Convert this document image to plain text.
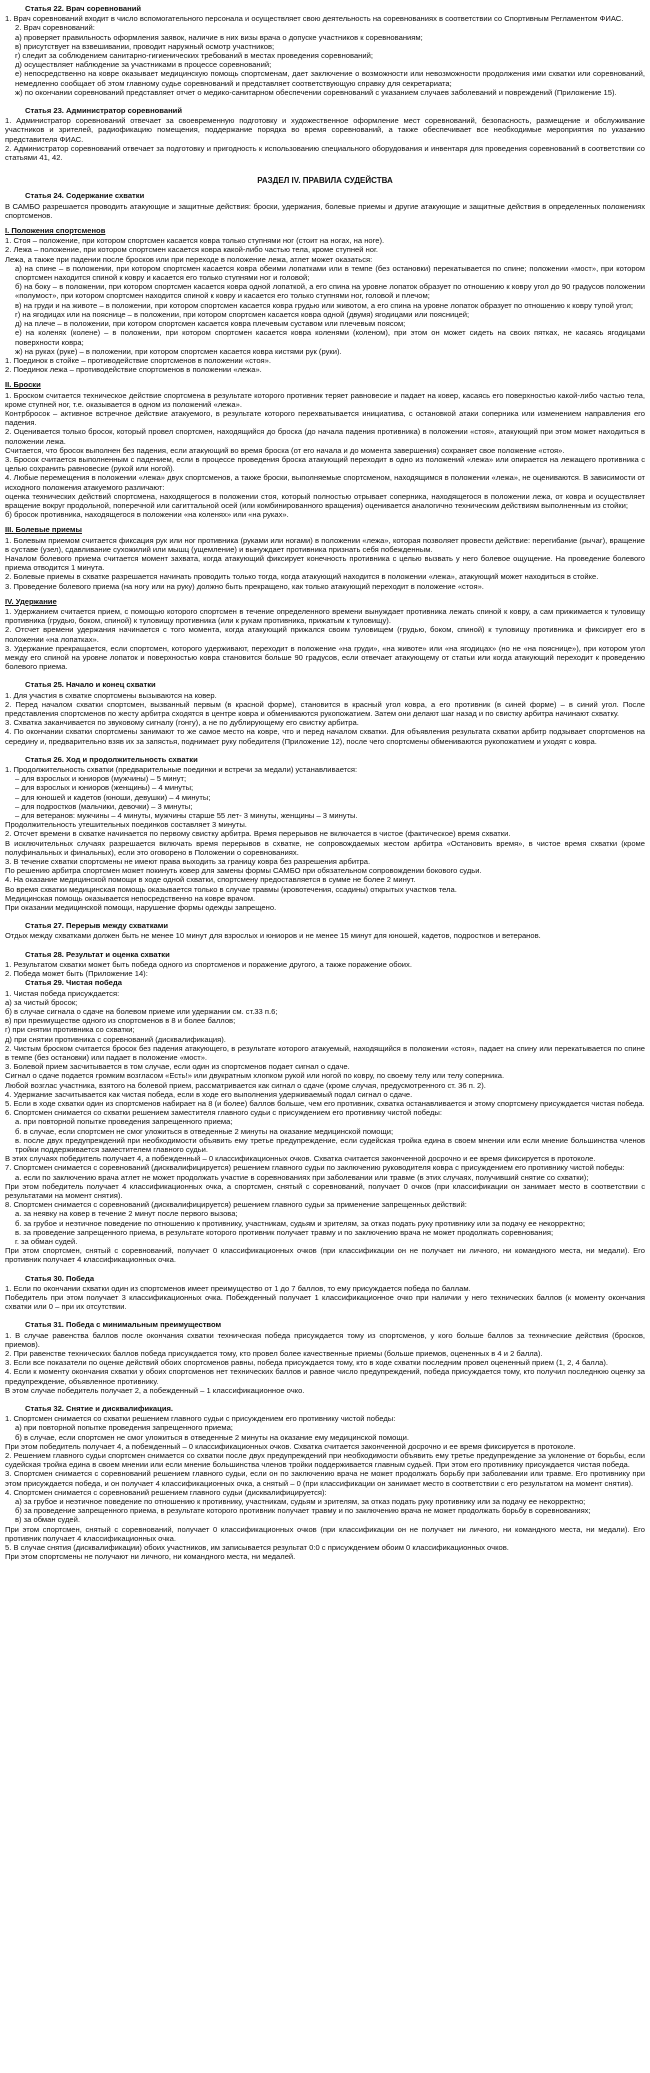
Статья 22. Врач соревнований

1. Врач соревнований входит в число вспомогательного персонала и осуществляет свою деятельность на соревнованиях в соответствии со Спортивным Регламентом ФИАС.

2. Врач соревнований:

а) проверяет правильность оформления заявок, наличие в них визы врача о допуске участников к соревнованиям;

в) присутствует на взвешивании, проводит наружный осмотр участников;

г) следит за соблюдением санитарно-гигиенических требований в местах проведения соревнований;

д) осуществляет наблюдение за участниками в процессе соревнований;

е) непосредственно на ковре оказывает медицинскую помощь спортсменам, дает заключение о возможности или невозможности продолжения ими схватки или соревнований, немедленно сообщает об этом главному судье соревнований и представляет соответствующую справку для секретариата;

ж) по окончании соревнований представляет отчет о медико-санитарном обеспечении соревнований с указанием случаев заболеваний и повреждений (Приложение 15).

Статья 23. Администратор соревнований

1. Администратор соревнований отвечает за своевременную подготовку и художественное оформление мест соревнований, безопасность, размещение и обслуживание участников и зрителей, радиофикацию помещения, поддержание порядка во время соревнований, а также обеспечивает все необходимые мероприятия по указанию представителя ФИАС.

2. Администратор соревнований отвечает за подготовку и пригодность к использованию специального оборудования и инвентаря для проведения соревнований в соответствии со статьями 41, 42.

РАЗДЕЛ IV. ПРАВИЛА СУДЕЙСТВА
Статья 24. Содержание схватки

В САМБО разрешается проводить атакующие и защитные действия: броски, удержания, болевые приемы и другие атакующие и защитные действия в определенных положениях спортсменов.

I. Положения спортсменов

1. Стоя – положение, при котором спортсмен касается ковра только ступнями ног (стоит на ногах, на ноге).

2. Лежа – положение, при котором спортсмен касается ковра какой-либо частью тела, кроме ступней ног.

Лежа, а также при падении после бросков или при переходе в положение лежа, атлет может оказаться:

а) на спине – в положении, при котором спортсмен касается ковра обеими лопатками или в темпе (без остановки) перекатывается по спине; положении «мост», при котором спортсмен находится спиной к ковру и касается его только ступнями ног и головой;

б) на боку – в положении, при котором спортсмен касается ковра одной лопаткой, а его спина на уровне лопаток образует по отношению к ковру угол до 90 градусов положении «полумост», при котором спортсмен находится спиной к ковру и касается его только ступнями ног, головой и плечом;

в) на груди и на животе – в положении, при котором спортсмен касается ковра грудью или животом, а его спина на уровне лопаток образует по отношению к ковру тупой угол;

г) на ягодицах или на пояснице – в положении, при котором спортсмен касается ковра одной (двумя) ягодицами или поясницей;

д) на плече – в положении, при котором спортсмен касается ковра плечевым суставом или плечевым поясом;

е) на коленях (колене) – в положении, при котором спортсмен касается ковра коленями (коленом), при этом он может сидеть на своих пятках, не касаясь ягодицами поверхности ковра;

ж) на руках (руке) – в положении, при котором спортсмен касается ковра кистями рук (руки).

1. Поединок в стойке – противодействие спортсменов в положении «стоя».

2. Поединок лежа – противодействие спортсменов в положении «лежа».

II. Броски

1. Броском считается техническое действие спортсмена в результате которого противник теряет равновесие и падает на ковер, касаясь его поверхностью какой-либо частью тела, кроме ступней ног, т.е. оказывается в одном из положений «лежа».

Контрбросок – активное встречное действие атакуемого, в результате которого перехватывается инициатива, с остановкой атаки соперника или изменением направления его падения.

2. Оценивается только бросок, который провел спортсмен, находящийся до броска (до начала падения противника) в положении «стоя», атакующий при этом может находиться в положении лежа.

Считается, что бросок выполнен без падения, если атакующий во время броска (от его начала и до момента завершения) сохраняет свое положение «стоя».

3. Бросок считается выполненным с падением, если в процессе проведения броска атакующий переходит в одно из положений «лежа» или опирается на лежащего противника с целью сохранить равновесие (рукой или ногой).

4. Любые перемещения в положении «лежа» двух спортсменов, а также броски, выполняемые спортсменом, находящимся в положении «лежа», не оцениваются. В зависимости от исходного положения атакуемого различают:

оценка технических действий спортсмена, находящегося в положении стоя, который полностью отрывает соперника, находящегося в положении лежа, от ковра и осуществляет вращение вокруг продольной, поперечной или сагиттальной осей (или комбинированного вращения) оценивается аналогично техническим действиям выполненным из стойки;

б) бросок противника, находящегося в положении «на коленях» или «на руках».

III. Болевые приемы

1. Болевым приемом считается фиксация рук или ног противника (руками или ногами) в положении «лежа», которая позволяет провести действие: перегибание (рычаг), вращение в суставе (узел), сдавливание сухожилий или мышц (ущемление) и вынуждает противника признать себя побежденным.

Началом болевого приема считается момент захвата, когда атакующий фиксирует конечность противника с целью вызвать у него болевое ощущение. На проведение болевого приема отводится 1 минута.

2. Болевые приемы в схватке разрешается начинать проводить только тогда, когда атакующий находится в положении «лежа», атакующий может находиться в стойке.

3. Проведение болевого приема (на ногу или на руку) должно быть прекращено, как только атакующий переходит в положение «стоя».

IV. Удержание

1. Удержанием считается прием, с помощью которого спортсмен в течение определенного времени вынуждает противника лежать спиной к ковру, а сам прижимается к туловищу противника (грудью, боком, спиной) к туловищу противника (или к рукам противника, прижатым к туловищу).

2. Отсчет времени удержания начинается с того момента, когда атакующий прижался своим туловищем (грудью, боком, спиной) к туловищу противника и фиксирует его в положении «на лопатках».

3. Удержание прекращается, если спортсмен, которого удерживают, переходит в положение «на груди», «на животе» или «на ягодицах» (но не «на пояснице»), при котором угол между его спиной на уровне лопаток и поверхностью ковра становится больше 90 градусов, если отвечает атакующему от статьи или когда атакующий переходит к проведению болевого приема.

Статья 25. Начало и конец схватки

1. Для участия в схватке спортсмены вызываются на ковер.

2. Перед началом схватки спортсмен, вызванный первым (в красной форме), становится в красный угол ковра, а его противник (в синей форме) – в синий угол. После представления спортсменов по жесту арбитра сходятся в центре ковра и обмениваются рукопожатием. Затем они делают шаг назад и по свистку арбитра начинают схватку.

3. Схватка заканчивается по звуковому сигналу (гонгу), а не по дублирующему его свистку арбитра.

4. По окончании схватки спортсмены занимают то же самое место на ковре, что и перед началом схватки. Для объявления результата схватки арбитр подзывает спортсменов на середину и, предварительно взяв их за запястья, поднимает руку победителя (Приложение 12), после чего спортсмены обмениваются рукопожатием и уходят с ковра.

Статья 26. Ход и продолжительность схватки

1. Продолжительность схватки (предварительные поединки и встречи за медали) устанавливается:

– для взрослых и юниоров (мужчины) – 5 минут;

– для взрослых и юниоров (женщины) – 4 минуты;

– для юношей и кадетов (юноши, девушки) – 4 минуты;

– для подростков (мальчики, девочки) – 3 минуты;

– для ветеранов: мужчины – 4 минуты, мужчины старше 55 лет- 3 минуты, женщины – 3 минуты.

Продолжительность утешительных поединков составляет 3 минуты.

2. Отсчет времени в схватке начинается по первому свистку арбитра. Время перерывов не включается в чистое (фактическое) время схватки.

В исключительных случаях разрешается включать время перерывов в схватке, не сопровождаемых жестом арбитра «Остановить время», в чистое время схватки (кроме полуфинальных и финальных), если это оговорено в Положении о соревнованиях.

3. В течение схватки спортсмены не имеют права выходить за границу ковра без разрешения арбитра.

По решению арбитра спортсмен может покинуть ковер для замены формы САМБО при обязательном сопровождении бокового судьи.

4. На оказание медицинской помощи в ходе одной схватки, спортсмену предоставляется в сумме не более 2 минут.

Во время схватки медицинская помощь оказывается только в случае травмы (кровотечения, ссадины) открытых участков тела.

Медицинская помощь оказывается непосредственно на ковре врачом.

При оказании медицинской помощи, нарушение формы одежды запрещено.

Статья 27. Перерыв между схватками

Отдых между схватками должен быть не менее 10 минут для взрослых и юниоров и не менее 15 минут для юношей, кадетов, подростков и ветеранов.

Статья 28. Результат и оценка схватки

1. Результатом схватки может быть победа одного из спортсменов и поражение другого, а также поражение обоих.

2. Победа может быть (Приложение 14):

Статья 29. Чистая победа

1. Чистая победа присуждается:

а) за чистый бросок;

б) в случае сигнала о сдаче на болевом приеме или удержании см. ст.33 п.6;

в) при преимуществе одного из спортсменов в 8 и более баллов;

г) при снятии противника со схватки;

д) при снятии противника с соревнований (дисквалификация).

2. Чистым броском считается бросок без падения атакующего, в результате которого атакуемый, находящийся в положении «стоя», падает на спину или перекатывается по спине в темпе (без остановки) или падает в положение «мост».

3. Болевой прием засчитывается в том случае, если один из спортсменов подает сигнал о сдаче.

Сигнал о сдаче подается громким возгласом «Есть!» или двукратным хлопком рукой или ногой по ковру, по своему телу или телу соперника.

Любой возглас участника, взятого на болевой прием, рассматривается как сигнал о сдаче (кроме случая, предусмотренного ст. 36 п. 2).

4. Удержание засчитывается как чистая победа, если в ходе его выполнения удерживаемый подал сигнал о сдаче.

5. Если в ходе схватки один из спортсменов набирает на 8 (и более) баллов больше, чем его противник, схватка останавливается и этому спортсмену присуждается чистая победа.

6. Спортсмен снимается со схватки решением заместителя главного судьи с присуждением его противнику чистой победы:

а. при повторной попытке проведения запрещенного приема;

б. в случае, если спортсмен не смог уложиться в отведенные 2 минуты на оказание медицинской помощи;

в. после двух предупреждений при необходимости объявить ему третье предупреждение, если судейская тройка едина в своем мнении или если мнение большинства членов тройки поддерживается заместителем главного судьи.

В этих случаях победитель получает 4, а побежденный – 0 классификационных очков. Схватка считается законченной досрочно и ее время фиксируется в протоколе.

7. Спортсмен снимается с соревнований (дисквалифицируется) решением главного судьи по заключению руководителя ковра с присуждением его противнику чистой победы:

а. если по заключению врача атлет не может продолжать участие в соревнованиях при заболевании или травме (в этих случаях, получивший снятие со схватки);

При этом победитель получает 4 классификационных очка, а спортсмен, снятый с соревнований, получает 0 очков (при классификации он занимает место в соответствии с результатами на момент снятия).

8. Спортсмен снимается с соревнований (дисквалифицируется) решением главного судьи за применение запрещенных действий:

а. за неявку на ковер в течение 2 минут после первого вызова;

б. за грубое и неэтичное поведение по отношению к противнику, участникам, судьям и зрителям, за отказ подать руку противнику или за подачу ее некорректно;

в. за проведение запрещенного приема, в результате которого противник получает травму и по заключению врача не может продолжать соревнования;

г. за обман судей.

При этом спортсмен, снятый с соревнований, получает 0 классификационных очков (при классификации он не получает ни личного, ни командного места, ни медали). Его противник получает 4 классификационных очка.

Статья 30. Победа

1. Если по окончании схватки один из спортсменов имеет преимущество от 1 до 7 баллов, то ему присуждается победа по баллам.

Победитель при этом получает 3 классификационных очка. Побежденный получает 1 классификационное очко при наличии у него технических баллов (к моменту окончания схватки или 0 – при их отсутствии.

Статья 31. Победа с минимальным преимуществом

1. В случае равенства баллов после окончания схватки техническая победа присуждается тому из спортсменов, у кого больше баллов за технические действия (бросков, приемов).

2. При равенстве технических баллов победа присуждается тому, кто провел более качественные приемы (больше приемов, оцененных в 4 и 2 балла).

3. Если все показатели по оценке действий обоих спортсменов равны, победа присуждается тому, кто в ходе схватки последним провел оцененный прием (1, 2, 4 балла).

4. Если к моменту окончания схватки у обоих спортсменов нет технических баллов и равное число предупреждений, победа присуждается тому, кто получил последнюю оценку за предупреждение, объявленное противнику.

В этом случае победитель получает 2, а побежденный – 1 классификационное очко.

Статья 32. Снятие и дисквалификация.

1. Спортсмен снимается со схватки решением главного судьи с присуждением его противнику чистой победы:

а) при повторной попытке проведения запрещенного приема;

б) в случае, если спортсмен не смог уложиться в отведенные 2 минуты на оказание ему медицинской помощи.

При этом победитель получает 4, а побежденный – 0 классификационных очков. Схватка считается законченной досрочно и ее время фиксируется в протоколе.

2. Решением главного судьи спортсмен снимается со схватки после двух предупреждений при необходимости объявить ему третье предупреждение за уклонение от борьбы, если судейская тройка едина в своем мнении или если мнение большинства членов тройки поддерживается главным судьей. При этом его противнику присуждается чистая победа.

3. Спортсмен снимается с соревнований решением главного судьи, если он по заключению врача не может продолжать борьбу при заболевании или травме. Его противнику при этом присуждается победа, и он получает 4 классификационных очка, а снятый – 0 (при классификации он занимает место в соответствии с его результатом на момент снятия).

4. Спортсмен снимается с соревнований решением главного судьи (дисквалифицируется):

а) за грубое и неэтичное поведение по отношению к противнику, участникам, судьям и зрителям, за отказ подать руку противнику или за подачу ее некорректно;

б) за проведение запрещенного приема, в результате которого противник получает травму и по заключению врача не может продолжать борьбу в соревнованиях;

в) за обман судей.

При этом спортсмен, снятый с соревнований, получает 0 классификационных очков (при классификации он не получает ни личного, ни командного места, ни медали). Его противник получает 4 классификационных очка.

5. В случае снятия (дисквалификации) обоих участников, им записывается результат 0:0 с присуждением обоим 0 классификационных очков.

При этом спортсмены не получают ни личного, ни командного места, ни медалей.
